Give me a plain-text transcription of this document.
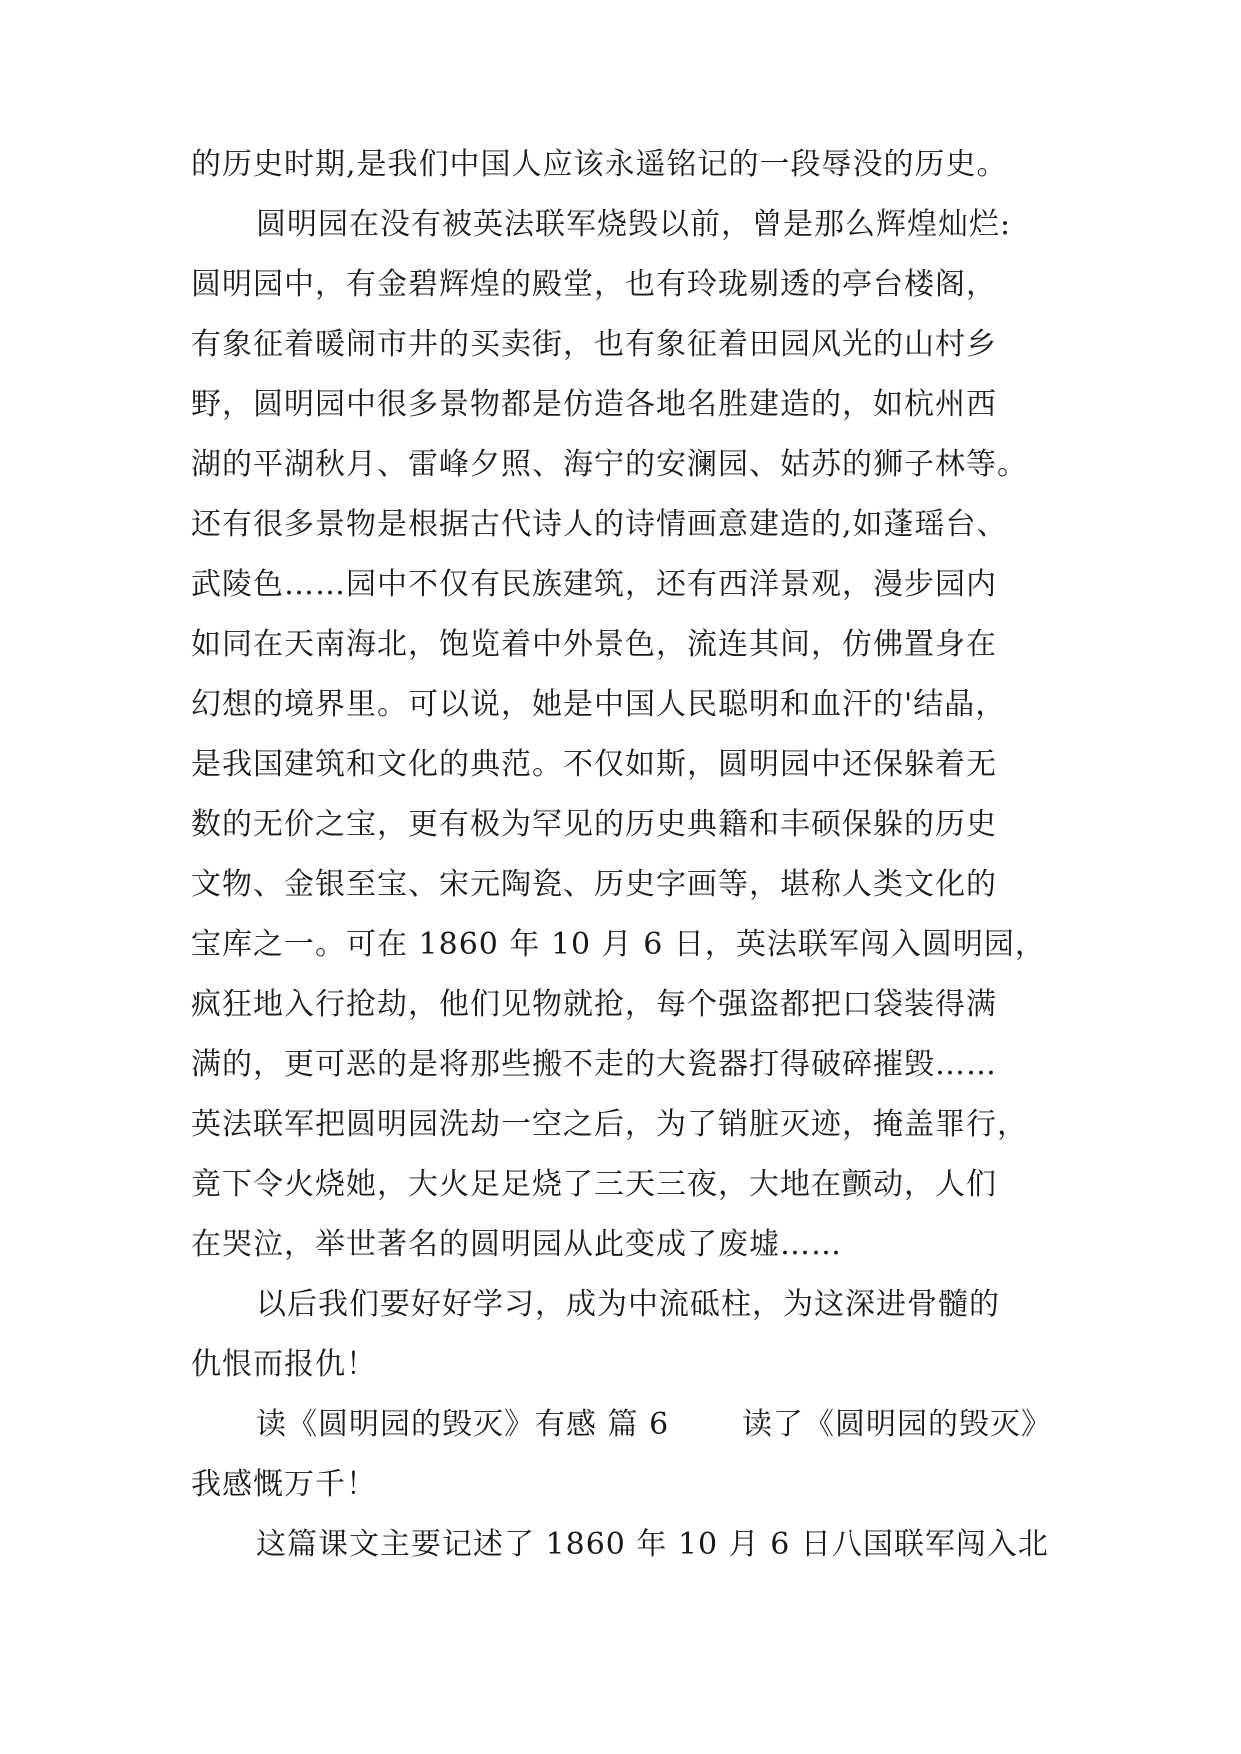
的历史时期,是我们中国人应该永遥铭记的一段辱没的历史。
圆明园在没有被英法联军烧毁以前，曾是那么辉煌灿烂:
圆明园中，有金碧辉煌的殿堂，也有玲珑剔透的亭台楼阁，
有象征着暖闹市井的买卖街，也有象征着田园风光的山村乡
野，圆明园中很多景物都是仿造各地名胜建造的，如杭州西
湖的平湖秋月、雷峰夕照、海宁的安澜园、姑苏的狮子林等。
还有很多景物是根据古代诗人的诗情画意建造的,如蓬瑶台、
武陵色……园中不仅有民族建筑，还有西洋景观，漫步园内
如同在天南海北，饱览着中外景色，流连其间，仿佛置身在
幻想的境界里。可以说，她是中国人民聪明和血汗的'结晶，
是我国建筑和文化的典范。不仅如斯，圆明园中还保躲着无
数的无价之宝，更有极为罕见的历史典籍和丰硕保躲的历史
文物、金银至宝、宋元陶瓷、历史字画等，堪称人类文化的
宝库之一。可在 1860 年 10 月 6 日，英法联军闯入圆明园，
疯狂地入行抢劫，他们见物就抢，每个强盗都把口袋装得满
满的，更可恶的是将那些搬不走的大瓷器打得破碎摧毁……
英法联军把圆明园洗劫一空之后，为了销脏灭迹，掩盖罪行，
竟下令火烧她，大火足足烧了三天三夜，大地在颤动，人们
在哭泣，举世著名的圆明园从此变成了废墟……
以后我们要好好学习，成为中流砥柱，为这深进骨髓的
仇恨而报仇！
读《圆明园的毁灭》有感 篇 6 读了《圆明园的毁灭》
我感慨万千！
这篇课文主要记述了 1860 年 10 月 6 日八国联军闯入北
